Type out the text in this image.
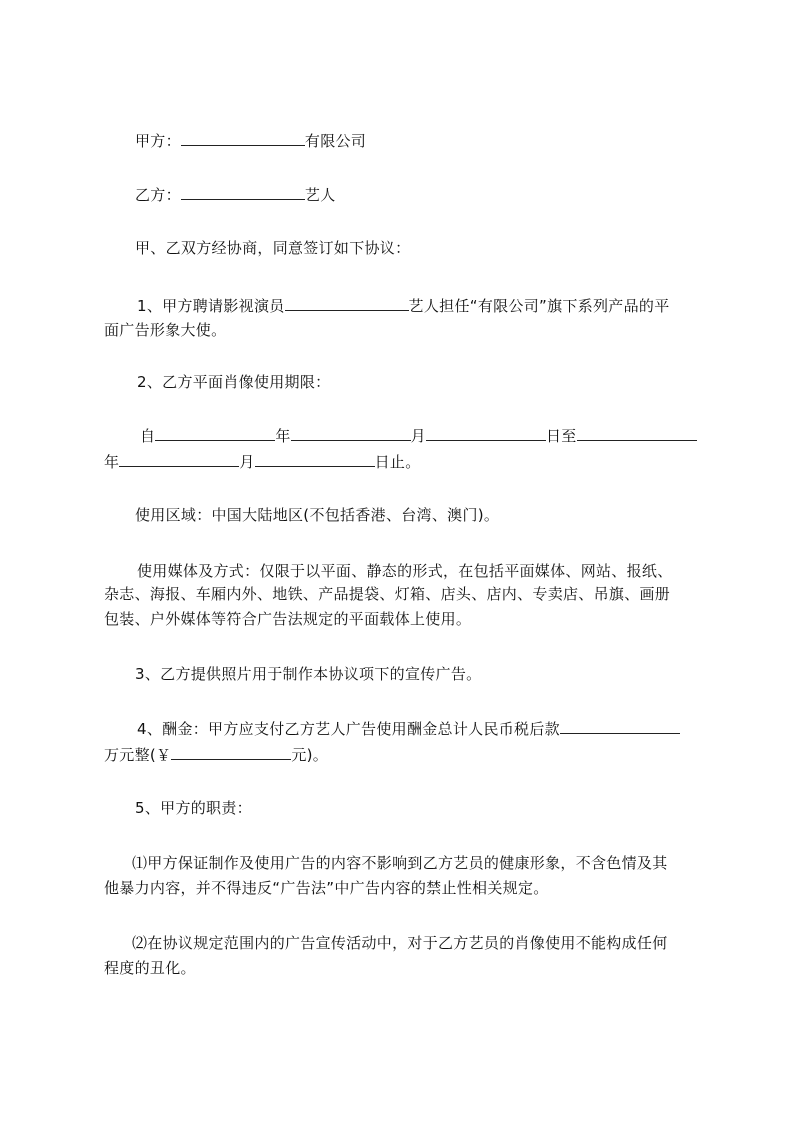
甲方：	有限公司
乙方：	艺人
甲、乙双方经协商，同意签订如下协议：
1、甲方聘请影视演员	艺人担任“有限公司”旗下系列产品的平
面广告形象大使。
2、乙方平面肖像使用期限：
自	年	月	日至
年	月	日止。
使用区域：中国大陆地区(不包括香港、台湾、澳门)。
使用媒体及方式：仅限于以平面、静态的形式，在包括平面媒体、网站、报纸、
杂志、海报、车厢内外、地铁、产品提袋、灯箱、店头、店内、专卖店、吊旗、画册
包装、户外媒体等符合广告法规定的平面载体上使用。
3、乙方提供照片用于制作本协议项下的宣传广告。
4、酬金：甲方应支付乙方艺人广告使用酬金总计人民币税后款
万元整(￥	元)。
5、甲方的职责：
⑴甲方保证制作及使用广告的内容不影响到乙方艺员的健康形象，不含色情及其
他暴力内容，并不得违反“广告法”中广告内容的禁止性相关规定。
⑵在协议规定范围内的广告宣传活动中，对于乙方艺员的肖像使用不能构成任何
程度的丑化。
